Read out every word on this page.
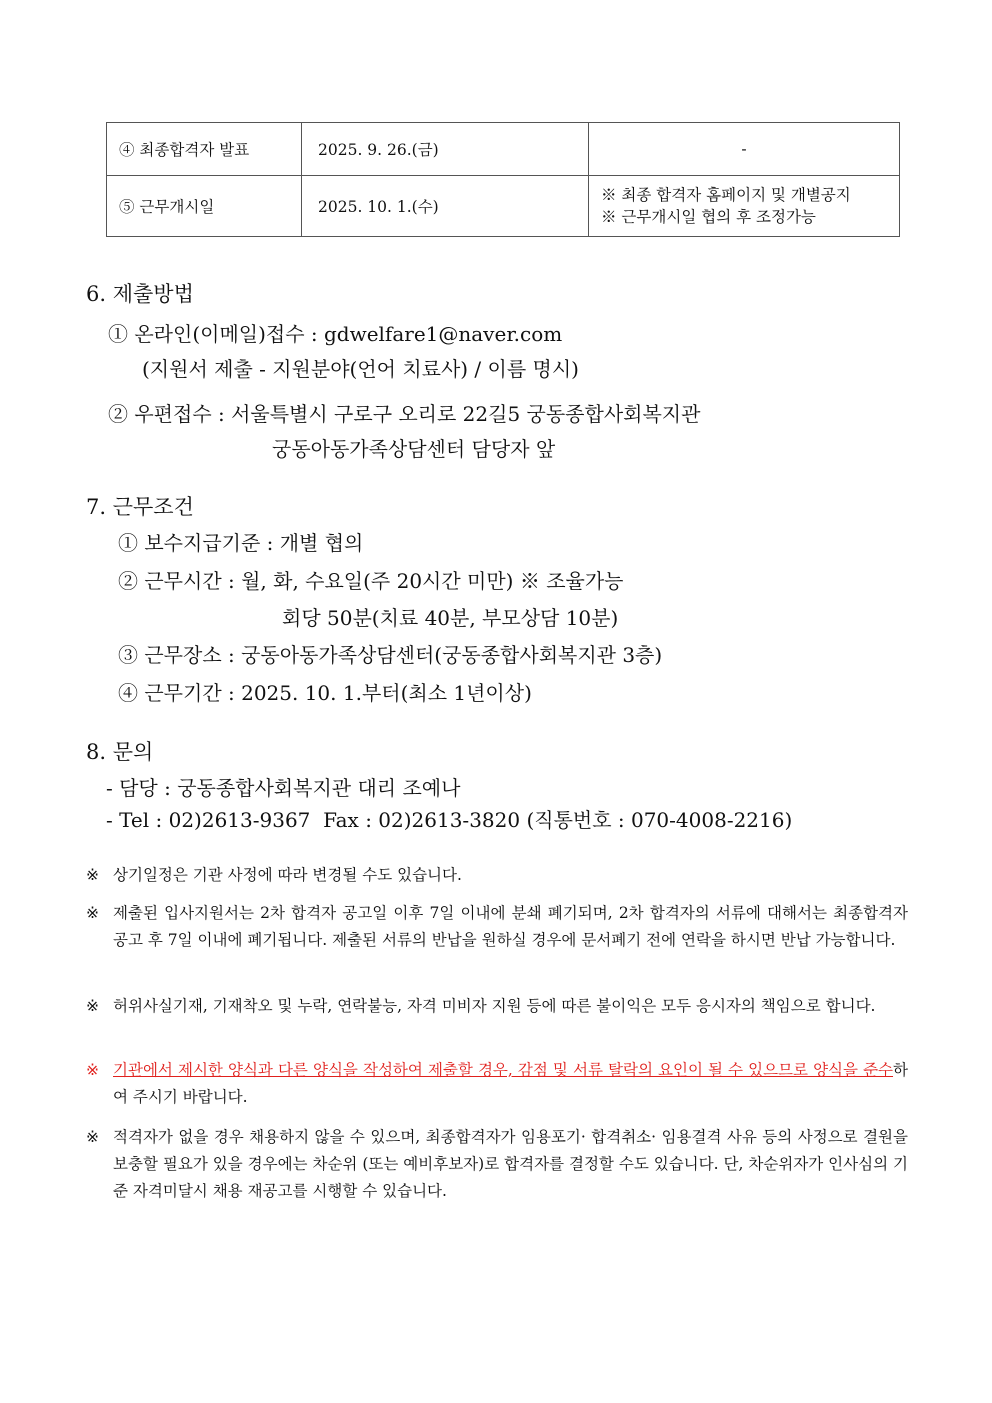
④ 최종합격자 발표	2025. 9. 26.(금)	-
⑤ 근무개시일	2025. 10. 1.(수)	※ 최종 합격자 홈페이지 및 개별공지
※ 근무개시일 협의 후 조정가능
6. 제출방법
① 온라인(이메일)접수 : gdwelfare1@naver.com
(지원서 제출 - 지원분야(언어 치료사) / 이름 명시)
② 우편접수 : 서울특별시 구로구 오리로 22길5 궁동종합사회복지관
궁동아동가족상담센터 담당자 앞
7. 근무조건
① 보수지급기준 : 개별 협의
② 근무시간 : 월, 화, 수요일(주 20시간 미만) ※ 조율가능
회당 50분(치료 40분, 부모상담 10분)
③ 근무장소 : 궁동아동가족상담센터(궁동종합사회복지관 3층)
④ 근무기간 : 2025. 10. 1.부터(최소 1년이상)
8. 문의
- 담당 : 궁동종합사회복지관 대리 조예나
- Tel : 02)2613-9367  Fax : 02)2613-3820 (직통번호 : 070-4008-2216)
※ 상기일정은 기관 사정에 따라 변경될 수도 있습니다.
※ 제출된 입사지원서는 2차 합격자 공고일 이후 7일 이내에 분쇄 폐기되며, 2차 합격자의 서류에 대해서는 최종합격자 공고 후 7일 이내에 폐기됩니다. 제출된 서류의 반납을 원하실 경우에 문서폐기 전에 연락을 하시면 반납 가능합니다.
※ 허위사실기재, 기재착오 및 누락, 연락불능, 자격 미비자 지원 등에 따른 불이익은 모두 응시자의 책임으로 합니다.
※ 기관에서 제시한 양식과 다른 양식을 작성하여 제출할 경우, 감점 및 서류 탈락의 요인이 될 수 있으므로 양식을 준수하여 주시기 바랍니다.
※ 적격자가 없을 경우 채용하지 않을 수 있으며, 최종합격자가 임용포기· 합격취소· 임용결격 사유 등의 사정으로 결원을 보충할 필요가 있을 경우에는 차순위 (또는 예비후보자)로 합격자를 결정할 수도 있습니다. 단, 차순위자가 인사심의 기준 자격미달시 채용 재공고를 시행할 수 있습니다.
